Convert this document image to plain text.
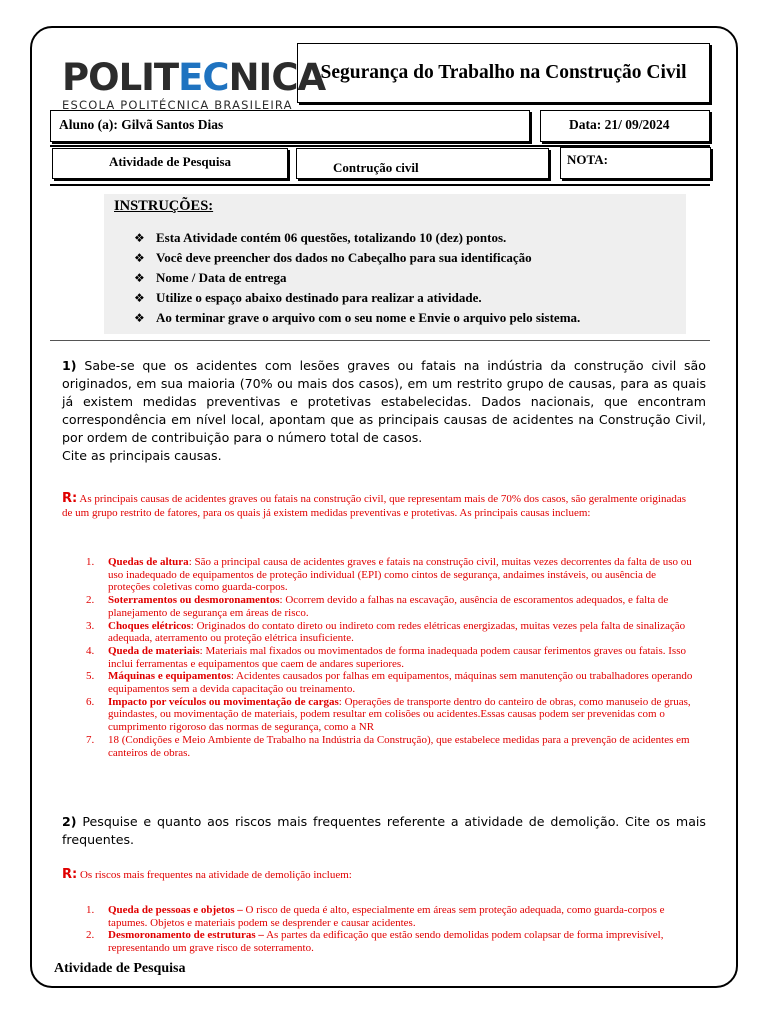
POLITECNICA
ESCOLA POLITÉCNICA BRASILEIRA
Segurança do Trabalho na Construção Civil
Aluno (a): Gilvã Santos Dias	Data: 21/ 09/2024
Atividade de Pesquisa	Contrução civil
NOTA:
INSTRUÇÕES:
❖ Esta Atividade contém 06 questões, totalizando 10 (dez) pontos.
❖ Você deve preencher dos dados no Cabeçalho para sua identificação
❖ Nome / Data de entrega
❖ Utilize o espaço abaixo destinado para realizar a atividade.
❖ Ao terminar grave o arquivo com o seu nome e Envie o arquivo pelo sistema.
1) Sabe-se que os acidentes com lesões graves ou fatais na indústria da construção civil são originados, em sua maioria (70% ou mais dos casos), em um restrito grupo de causas, para as quais já existem medidas preventivas e protetivas estabelecidas. Dados nacionais, que encontram correspondência em nível local, apontam que as principais causas de acidentes na Construção Civil, por ordem de contribuição para o número total de casos.
Cite as principais causas.
R: As principais causas de acidentes graves ou fatais na construção civil, que representam mais de 70% dos casos, são geralmente originadas de um grupo restrito de fatores, para os quais já existem medidas preventivas e protetivas. As principais causas incluem:
1. Quedas de altura: São a principal causa de acidentes graves e fatais na construção civil, muitas vezes decorrentes da falta de uso ou uso inadequado de equipamentos de proteção individual (EPI) como cintos de segurança, andaimes instáveis, ou ausência de proteções coletivas como guarda-corpos.
2. Soterramentos ou desmoronamentos: Ocorrem devido a falhas na escavação, ausência de escoramentos adequados, e falta de planejamento de segurança em áreas de risco.
3. Choques elétricos: Originados do contato direto ou indireto com redes elétricas energizadas, muitas vezes pela falta de sinalização adequada, aterramento ou proteção elétrica insuficiente.
4. Queda de materiais: Materiais mal fixados ou movimentados de forma inadequada podem causar ferimentos graves ou fatais. Isso inclui ferramentas e equipamentos que caem de andares superiores.
5. Máquinas e equipamentos: Acidentes causados por falhas em equipamentos, máquinas sem manutenção ou trabalhadores operando equipamentos sem a devida capacitação ou treinamento.
6. Impacto por veículos ou movimentação de cargas: Operações de transporte dentro do canteiro de obras, como manuseio de gruas, guindastes, ou movimentação de materiais, podem resultar em colisões ou acidentes.Essas causas podem ser prevenidas com o cumprimento rigoroso das normas de segurança, como a NR
7. 18 (Condições e Meio Ambiente de Trabalho na Indústria da Construção), que estabelece medidas para a prevenção de acidentes em canteiros de obras.
2) Pesquise e quanto aos riscos mais frequentes referente a atividade de demolição. Cite os mais frequentes.
R: Os riscos mais frequentes na atividade de demolição incluem:
1. Queda de pessoas e objetos – O risco de queda é alto, especialmente em áreas sem proteção adequada, como guarda-corpos e tapumes. Objetos e materiais podem se desprender e causar acidentes.
2. Desmoronamento de estruturas – As partes da edificação que estão sendo demolidas podem colapsar de forma imprevisível, representando um grave risco de soterramento.
Atividade de Pesquisa
